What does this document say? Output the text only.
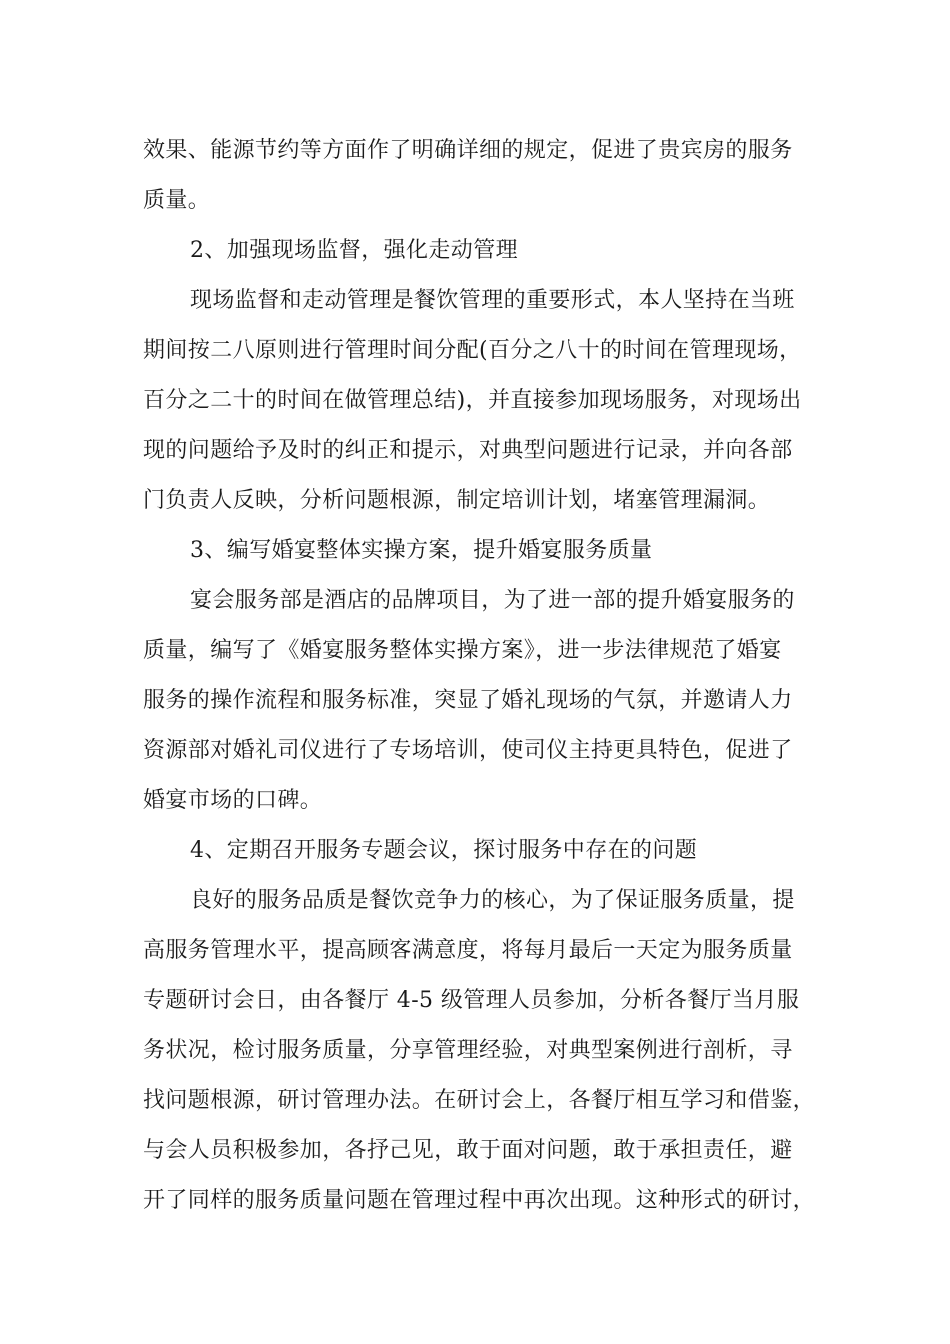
效果、能源节约等方面作了明确详细的规定，促进了贵宾房的服务
质量。
2、加强现场监督，强化走动管理
现场监督和走动管理是餐饮管理的重要形式，本人坚持在当班
期间按二八原则进行管理时间分配(百分之八十的时间在管理现场，
百分之二十的时间在做管理总结)，并直接参加现场服务，对现场出
现的问题给予及时的纠正和提示，对典型问题进行记录，并向各部
门负责人反映，分析问题根源，制定培训计划，堵塞管理漏洞。
3、编写婚宴整体实操方案，提升婚宴服务质量
宴会服务部是酒店的品牌项目，为了进一部的提升婚宴服务的
质量，编写了《婚宴服务整体实操方案》，进一步法律规范了婚宴
服务的操作流程和服务标准，突显了婚礼现场的气氛，并邀请人力
资源部对婚礼司仪进行了专场培训，使司仪主持更具特色，促进了
婚宴市场的口碑。
4、定期召开服务专题会议，探讨服务中存在的问题
良好的服务品质是餐饮竞争力的核心，为了保证服务质量，提
高服务管理水平，提高顾客满意度，将每月最后一天定为服务质量
专题研讨会日，由各餐厅 4-5 级管理人员参加，分析各餐厅当月服
务状况，检讨服务质量，分享管理经验，对典型案例进行剖析，寻
找问题根源，研讨管理办法。在研讨会上，各餐厅相互学习和借鉴，
与会人员积极参加，各抒己见，敢于面对问题，敢于承担责任，避
开了同样的服务质量问题在管理过程中再次出现。这种形式的研讨，
